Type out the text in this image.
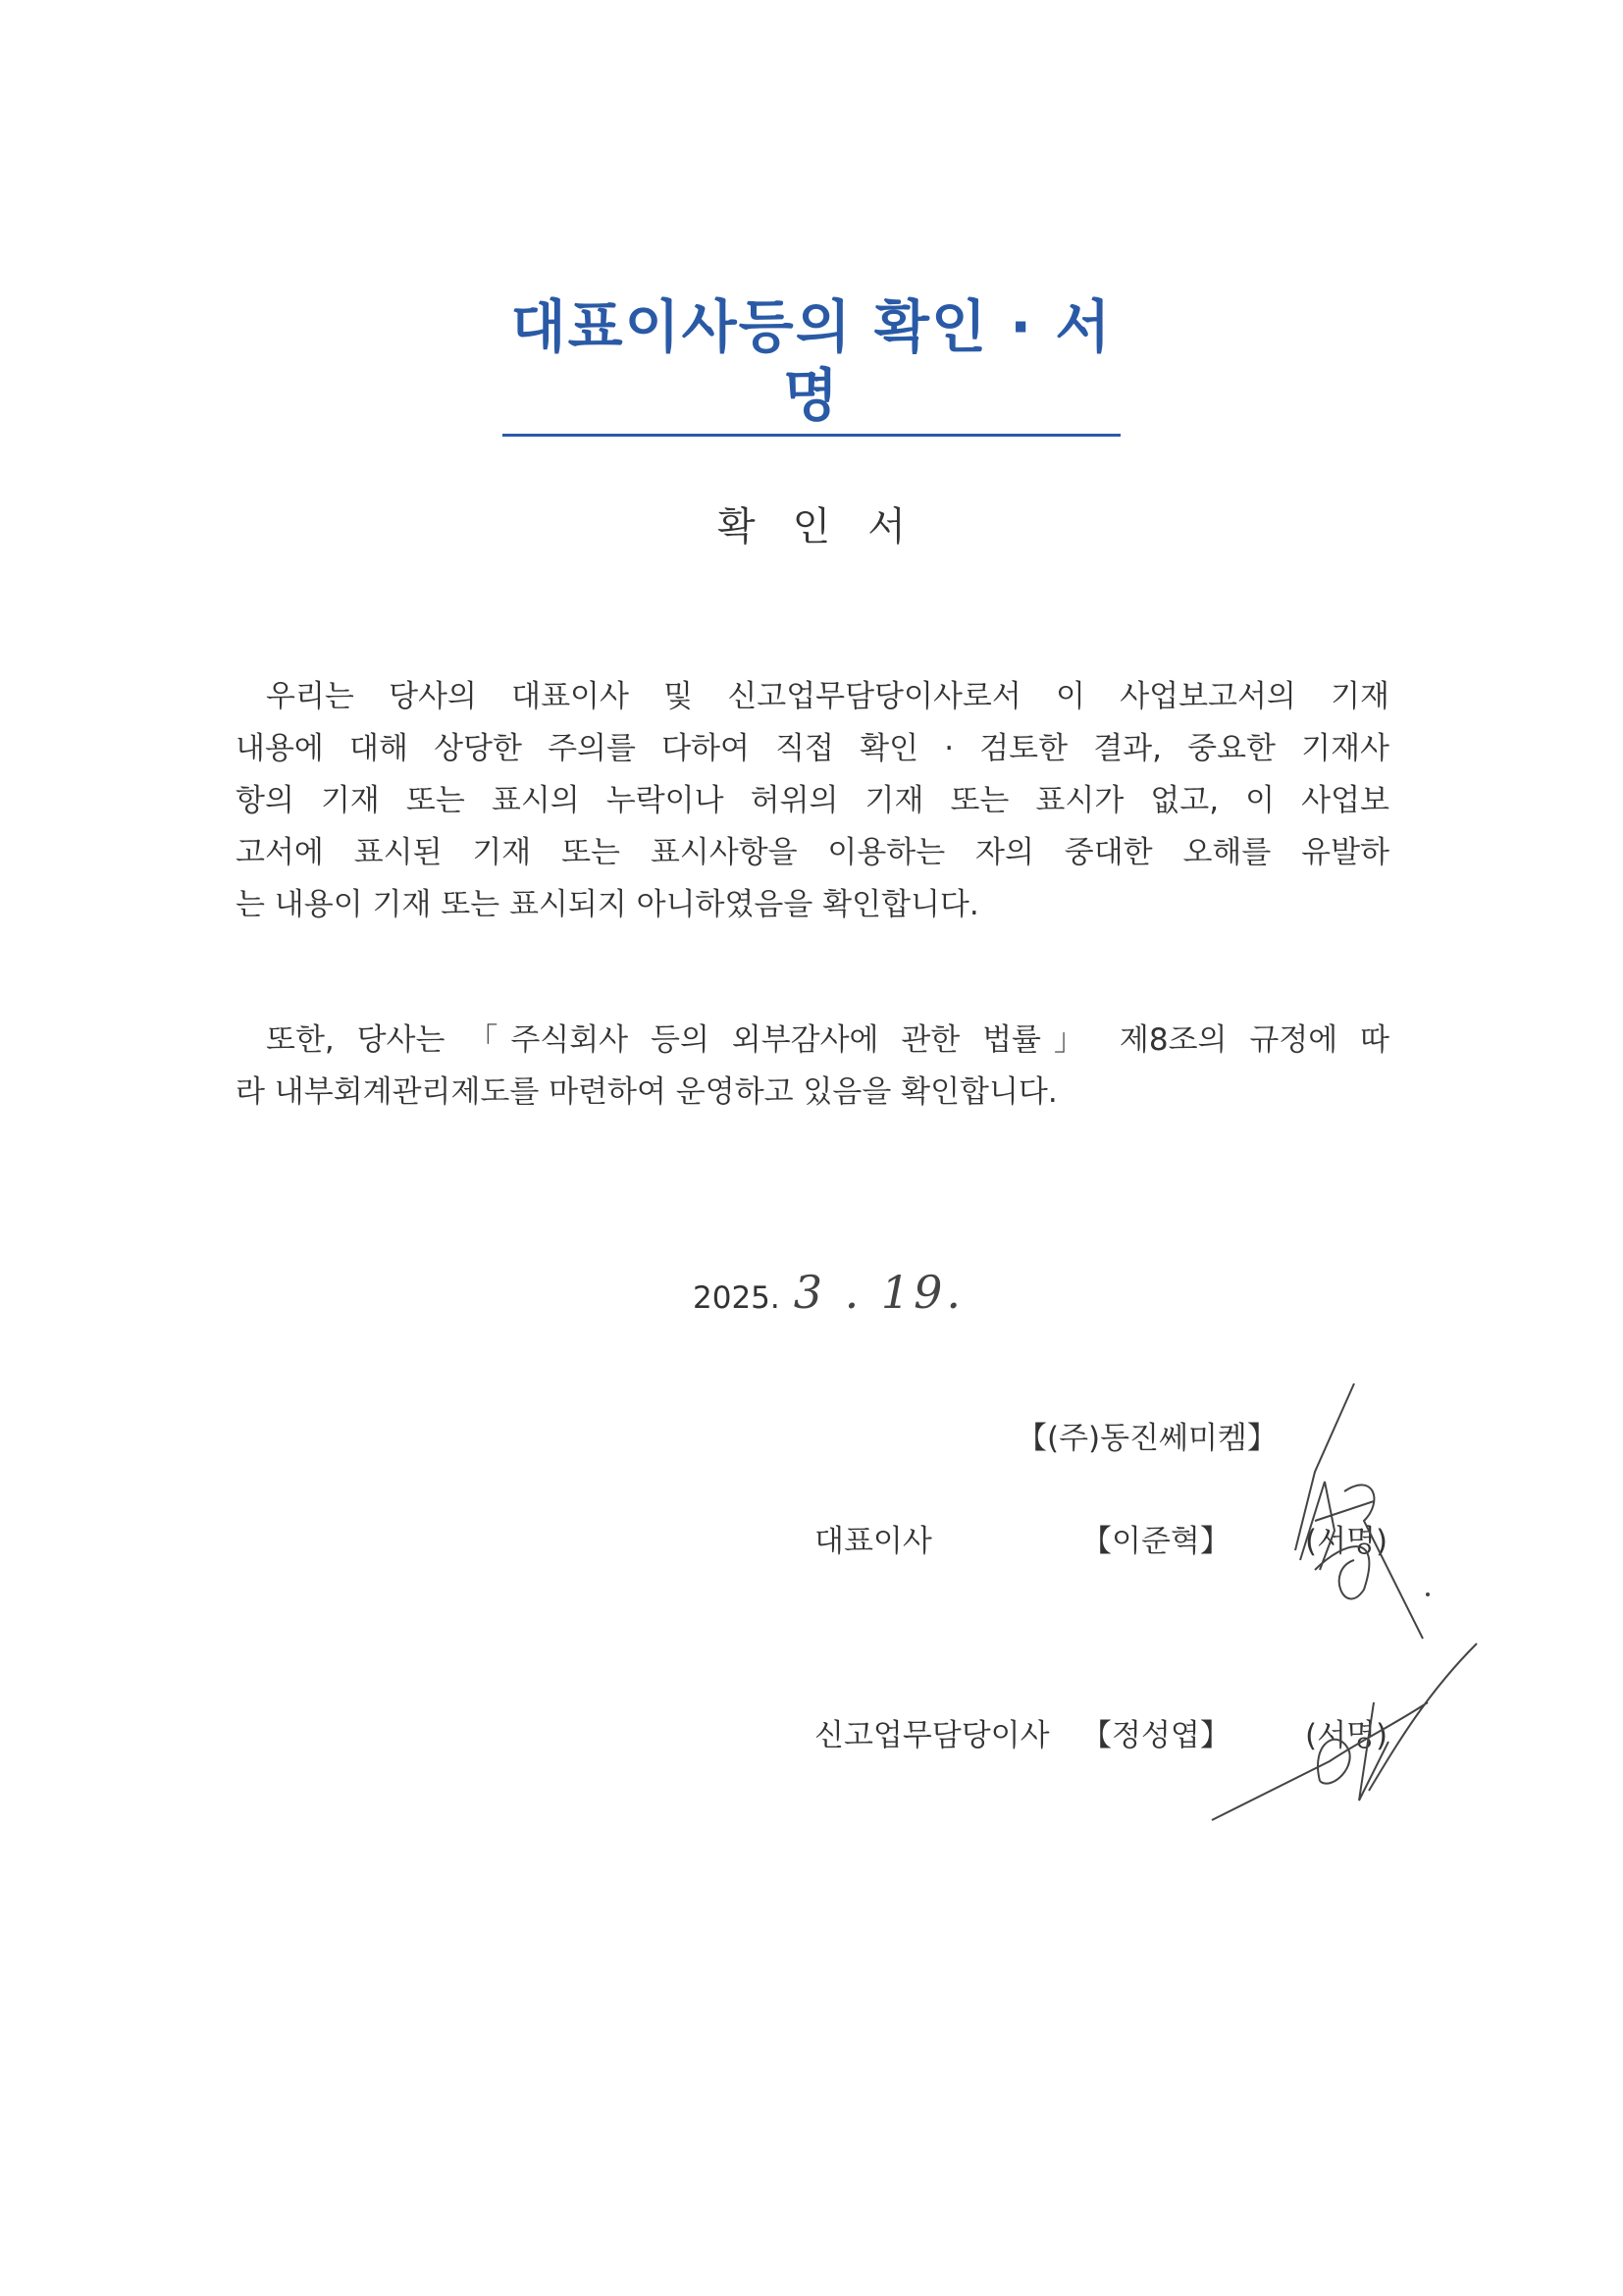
대표이사등의 확인 · 서명
확인서
우리는 당사의 대표이사 및 신고업무담당이사로서 이 사업보고서의 기재
내용에 대해 상당한 주의를 다하여 직접 확인 · 검토한 결과, 중요한 기재사
항의 기재 또는 표시의 누락이나 허위의 기재 또는 표시가 없고, 이 사업보
고서에 표시된 기재 또는 표시사항을 이용하는 자의 중대한 오해를 유발하
는 내용이 기재 또는 표시되지 아니하였음을 확인합니다.
또한, 당사는 「주식회사 등의 외부감사에 관한 법률」 제8조의 규정에 따
라 내부회계관리제도를 마련하여 운영하고 있음을 확인합니다.
2025. 3 . 19.
【(주)동진쎄미켐】
대표이사	【이준혁】 (서명)
신고업무담당이사 【정성엽】 (서명)
